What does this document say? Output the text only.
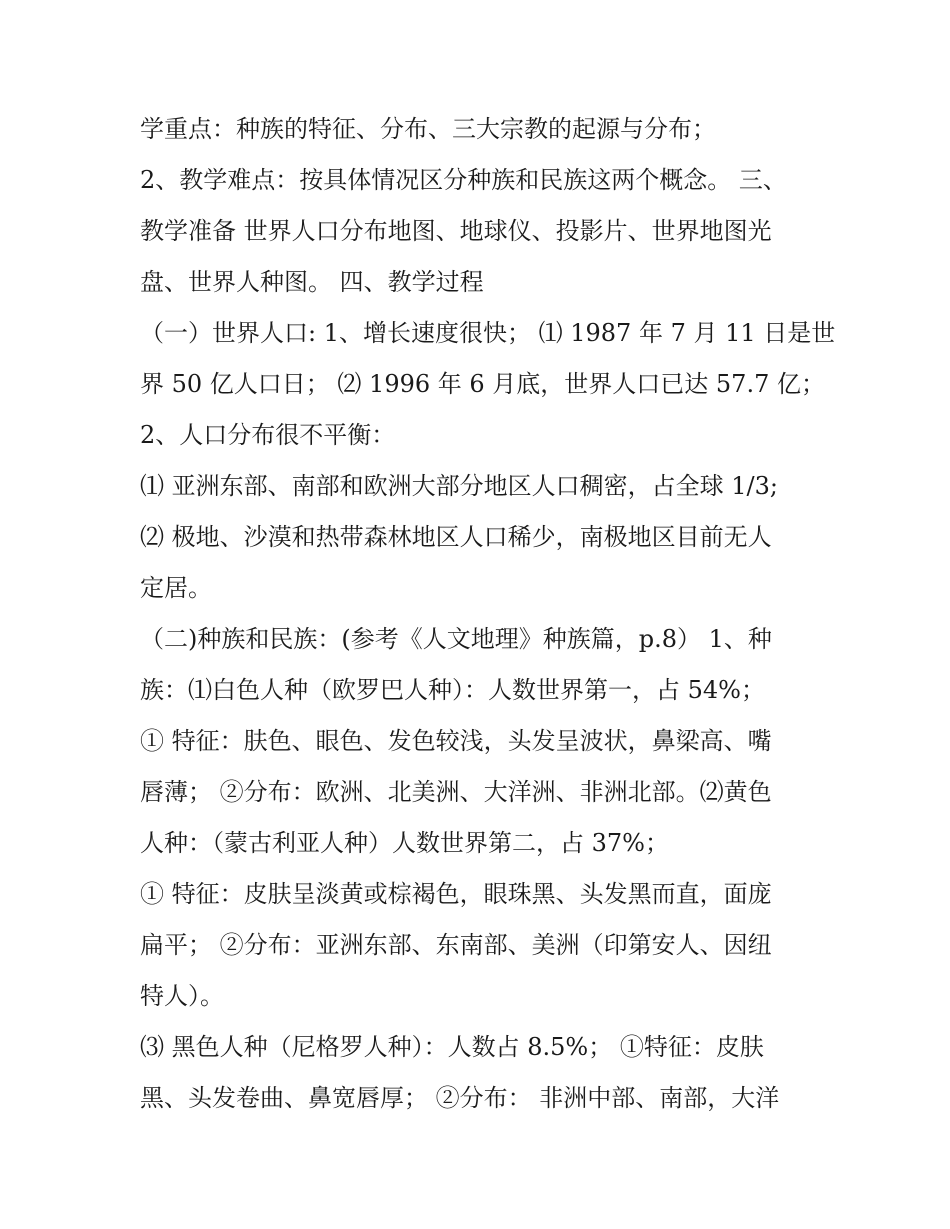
学重点：种族的特征、分布、三大宗教的起源与分布；
2、教学难点：按具体情况区分种族和民族这两个概念。 三、
教学准备 世界人口分布地图、地球仪、投影片、世界地图光
盘、世界人种图。 四、教学过程
（一）世界人口: 1、增长速度很快； ⑴ 1987 年 7 月 11 日是世
界 50 亿人口日； ⑵ 1996 年 6 月底，世界人口已达 57.7 亿；
2、人口分布很不平衡：
⑴ 亚洲东部、南部和欧洲大部分地区人口稠密，占全球 1/3;
⑵ 极地、沙漠和热带森林地区人口稀少，南极地区目前无人
定居。
（二)种族和民族：(参考《人文地理》种族篇，p.8） 1、种
族：⑴白色人种（欧罗巴人种）：人数世界第一，占 54%；
① 特征：肤色、眼色、发色较浅，头发呈波状，鼻梁高、嘴
唇薄； ②分布：欧洲、北美洲、大洋洲、非洲北部。⑵黄色
人种：（蒙古利亚人种）人数世界第二，占 37%；
① 特征：皮肤呈淡黄或棕褐色，眼珠黑、头发黑而直，面庞
扁平； ②分布：亚洲东部、东南部、美洲（印第安人、因纽
特人）。
⑶ 黑色人种（尼格罗人种）：人数占 8.5%； ①特征：皮肤
黑、头发卷曲、鼻宽唇厚； ②分布： 非洲中部、南部，大洋
